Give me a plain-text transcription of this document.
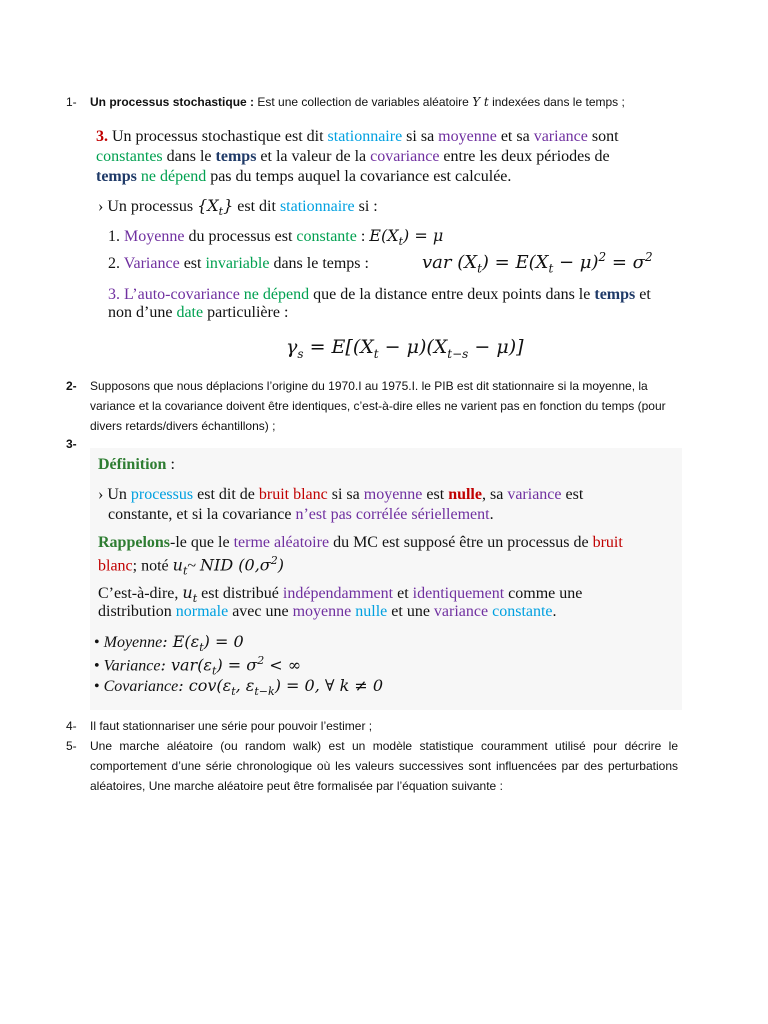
1-	Un processus stochastique : Est une collection de variables aléatoire Y t indexées dans le temps ;
3. Un processus stochastique est dit stationnaire si sa moyenne et sa variance sont
constantes dans le temps et la valeur de la covariance entre les deux périodes de
temps ne dépend pas du temps auquel la covariance est calculée.
› Un processus $\{X_t\}$ est dit stationnaire si :
1. Moyenne du processus est constante : $E(X_t) = \mu$
2. Variance est invariable dans le temps :	var $(X_t) = E(X_t - \mu)^2 = \sigma^2$
3. L’auto-covariance ne dépend que de la distance entre deux points dans le temps et
non d’une date particulière :
$\gamma_s = E[(X_t - \mu)(X_{t-s} - \mu)]$
2-	Supposons que nous déplacions l’origine du 1970.I au 1975.I. le PIB est dit stationnaire si la moyenne, la variance et la covariance doivent être identiques, c’est-à-dire elles ne varient pas en fonction du temps (pour divers retards/divers échantillons) ;
3-
Définition :
› Un processus est dit de bruit blanc si sa moyenne est nulle, sa variance est
constante, et si la covariance n’est pas corrélée sériellement.
Rappelons-le que le terme aléatoire du MC est supposé être un processus de bruit
blanc; noté $u_t\sim$ NID $(0,\sigma^2)$
C’est-à-dire, $u_t$ est distribué indépendamment et identiquement comme une
distribution normale avec une moyenne nulle et une variance constante.
• Moyenne: $E(\varepsilon_t) = 0$
• Variance: $var(\varepsilon_t) = \sigma^2$ < ∞
• Covariance: $cov(\varepsilon_t$, $\varepsilon_{t-k}) = 0$, ∀ k ≠ 0
4-	Il faut stationnariser une série pour pouvoir l’estimer ;
5-	Une marche aléatoire (ou random walk) est un modèle statistique couramment utilisé pour décrire le comportement d’une série chronologique où les valeurs successives sont influencées par des perturbations aléatoires, Une marche aléatoire peut être formalisée par l’équation suivante :
